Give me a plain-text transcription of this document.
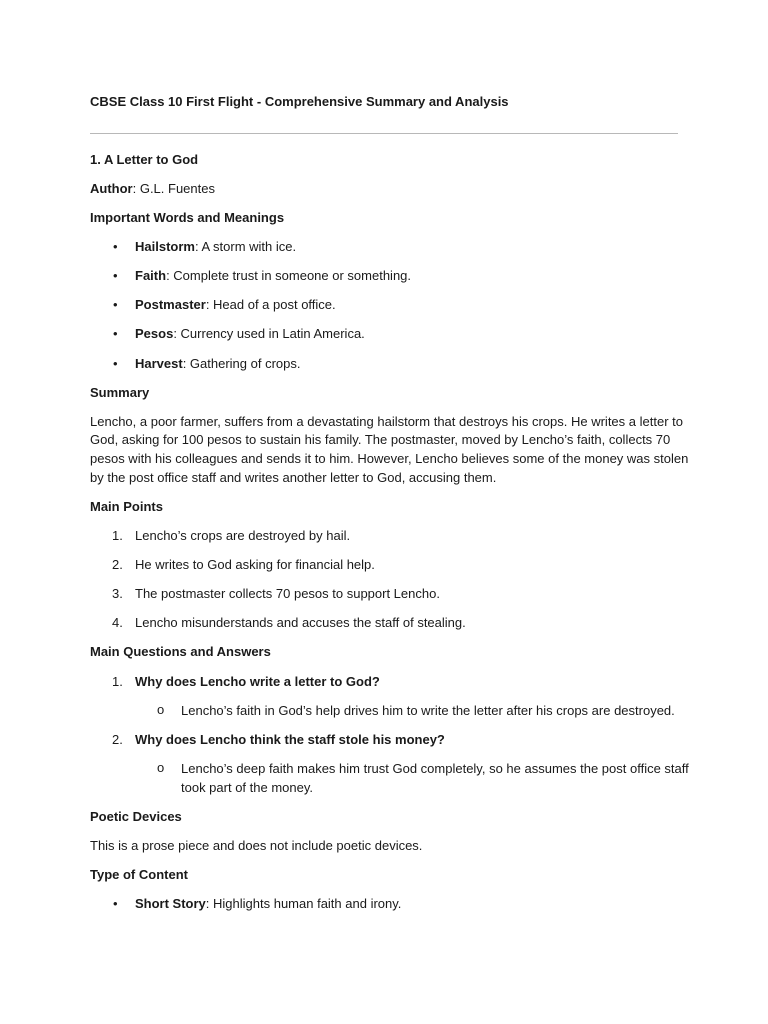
CBSE Class 10 First Flight - Comprehensive Summary and Analysis
1. A Letter to God
Author: G.L. Fuentes
Important Words and Meanings
• Hailstorm: A storm with ice.
• Faith: Complete trust in someone or something.
• Postmaster: Head of a post office.
• Pesos: Currency used in Latin America.
• Harvest: Gathering of crops.
Summary
Lencho, a poor farmer, suffers from a devastating hailstorm that destroys his crops. He writes a letter to
God, asking for 100 pesos to sustain his family. The postmaster, moved by Lencho’s faith, collects 70
pesos with his colleagues and sends it to him. However, Lencho believes some of the money was stolen
by the post office staff and writes another letter to God, accusing them.
Main Points
1. Lencho’s crops are destroyed by hail.
2. He writes to God asking for financial help.
3. The postmaster collects 70 pesos to support Lencho.
4. Lencho misunderstands and accuses the staff of stealing.
Main Questions and Answers
1. Why does Lencho write a letter to God?
o Lencho’s faith in God’s help drives him to write the letter after his crops are destroyed.
2. Why does Lencho think the staff stole his money?
o Lencho’s deep faith makes him trust God completely, so he assumes the post office staff
took part of the money.
Poetic Devices
This is a prose piece and does not include poetic devices.
Type of Content
• Short Story: Highlights human faith and irony.
